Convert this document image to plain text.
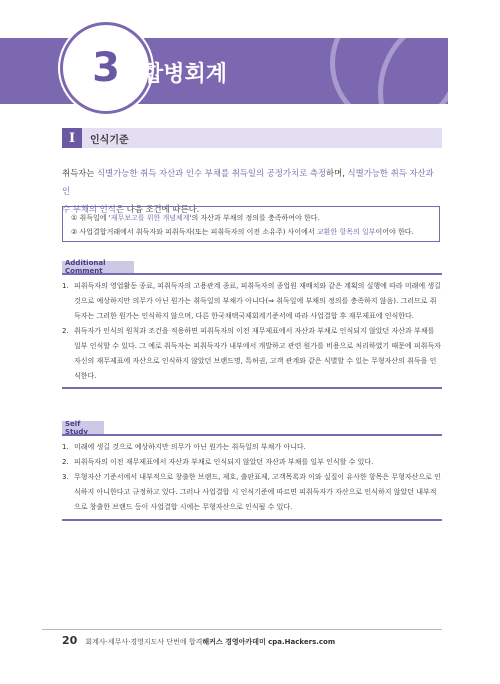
3	합병회계
I	인식기준
취득자는 식별가능한 취득 자산과 인수 부채를 취득일의 공정가치로 측정하며, 식별가능한 취득 자산과 인
수 부채의 인식은 다음 조건에 따른다.
① 취득일에 '재무보고를 위한 개념체계'의 자산과 부채의 정의를 충족하여야 한다.
② 사업결합거래에서 취득자와 피취득자(또는 피취득자의 이전 소유주) 사이에서 교환한 항목의 일부이어야 한다.
Additional Comment
1. 피취득자의 영업활동 종료, 피취득자의 고용관계 종료, 피취득자의 종업원 재배치와 같은 계획의 실행에 따라 미래에 생길 것으로 예상하지만 의무가 아닌 원가는 취득일의 부채가 아니다(⇒ 취득일에 부채의 정의를 충족하지 않음). 그러므로 취득자는 그러한 원가는 인식하지 않으며, 다른 한국채택국제회계기준서에 따라 사업결합 후 재무제표에 인식한다.
2. 취득자가 인식의 원칙과 조건을 적용하면 피취득자의 이전 재무제표에서 자산과 부채로 인식되지 않았던 자산과 부채를 일부 인식할 수 있다. 그 예로 취득자는 피취득자가 내부에서 개발하고 관련 원가를 비용으로 처리하였기 때문에 피취득자 자신의 재무제표에 자산으로 인식하지 않았던 브랜드명, 특허권, 고객 관계와 같은 식별할 수 있는 무형자산의 취득을 인식한다.
Self Study
1. 미래에 생길 것으로 예상하지만 의무가 아닌 원가는 취득일의 부채가 아니다.
2. 피취득자의 이전 재무제표에서 자산과 부채로 인식되지 않았던 자산과 부채를 일부 인식할 수 있다.
3. 무형자산 기준서에서 내부적으로 창출한 브랜드, 제호, 출판표제, 고객목록과 이와 실질이 유사한 항목은 무형자산으로 인식하지 아니한다고 규정하고 있다. 그러나 사업결합 시 인식기준에 따르면 피취득자가 자산으로 인식하지 않았던 내부적으로 창출한 브랜드 등이 사업결합 시에는 무형자산으로 인식될 수 있다.
20 회계사·세무사·경영지도사 단번에 합격 해커스 경영아카데미 cpa.Hackers.com
